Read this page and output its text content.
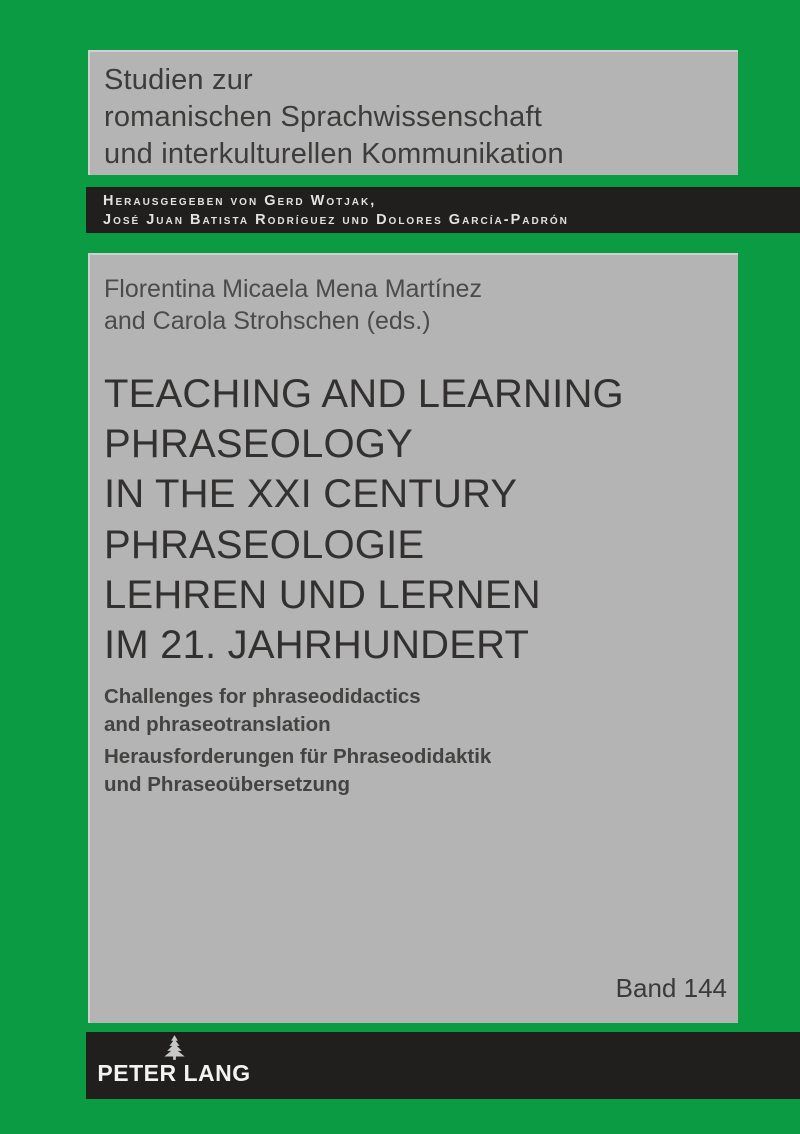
Studien zur
romanischen Sprachwissenschaft
und interkulturellen Kommunikation
Herausgegeben von Gerd Wotjak,
José Juan Batista Rodríguez und Dolores García-Padrón
Florentina Micaela Mena Martínez
and Carola Strohschen (eds.)
TEACHING AND LEARNING
PHRASEOLOGY
IN THE XXI CENTURY
PHRASEOLOGIE
LEHREN UND LERNEN
IM 21. JAHRHUNDERT
Challenges for phraseodidactics
and phraseotranslation
Herausforderungen für Phraseodidaktik
und Phraseoübersetzung
Band 144
PETER LANG
